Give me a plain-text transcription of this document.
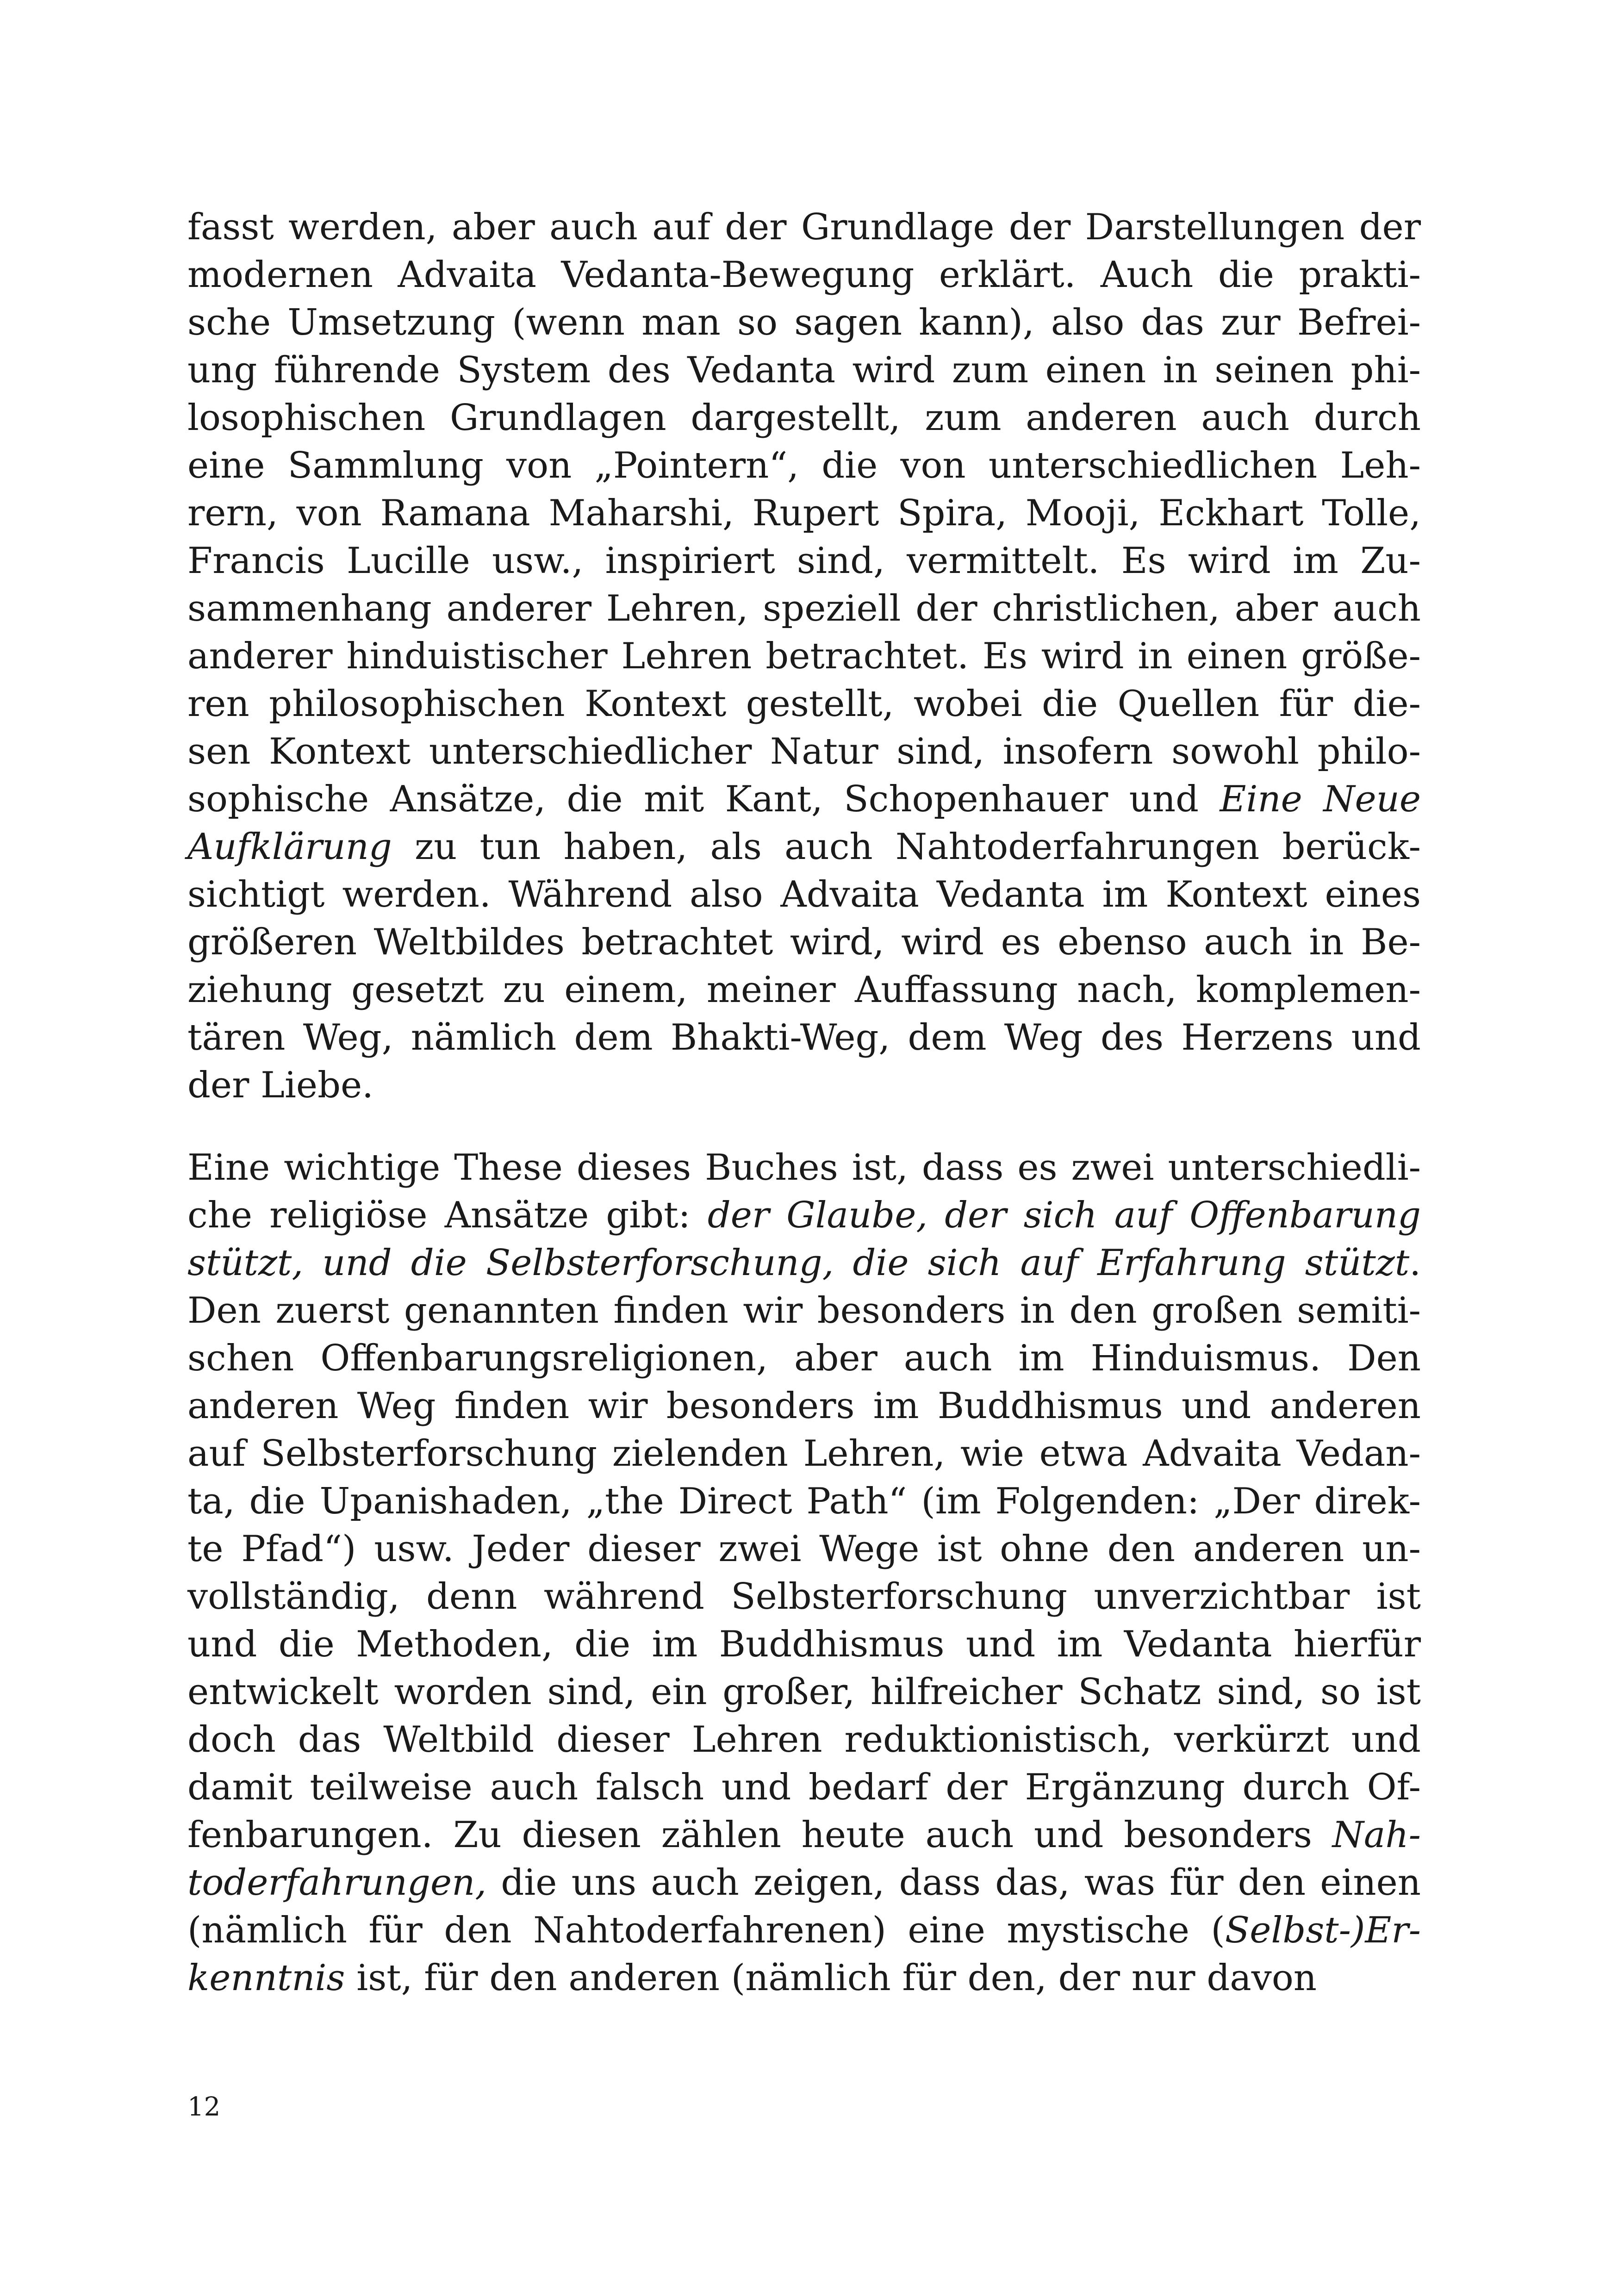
fasst werden, aber auch auf der Grundlage der Darstellungen der
modernen Advaita Vedanta-Bewegung erklärt. Auch die prakti-
sche Umsetzung (wenn man so sagen kann), also das zur Befrei-
ung führende System des Vedanta wird zum einen in seinen phi-
losophischen Grundlagen dargestellt, zum anderen auch durch
eine Sammlung von „Pointern“, die von unterschiedlichen Leh-
rern, von Ramana Maharshi, Rupert Spira, Mooji, Eckhart Tolle,
Francis Lucille usw., inspiriert sind, vermittelt. Es wird im Zu-
sammenhang anderer Lehren, speziell der christlichen, aber auch
anderer hinduistischer Lehren betrachtet. Es wird in einen größe-
ren philosophischen Kontext gestellt, wobei die Quellen für die-
sen Kontext unterschiedlicher Natur sind, insofern sowohl philo-
sophische Ansätze, die mit Kant, Schopenhauer und Eine Neue
Aufklärung zu tun haben, als auch Nahtoderfahrungen berück-
sichtigt werden. Während also Advaita Vedanta im Kontext eines
größeren Weltbildes betrachtet wird, wird es ebenso auch in Be-
ziehung gesetzt zu einem, meiner Auffassung nach, komplemen-
tären Weg, nämlich dem Bhakti-Weg, dem Weg des Herzens und
der Liebe.
Eine wichtige These dieses Buches ist, dass es zwei unterschiedli-
che religiöse Ansätze gibt: der Glaube, der sich auf Offenbarung
stützt, und die Selbsterforschung, die sich auf Erfahrung stützt.
Den zuerst genannten finden wir besonders in den großen semiti-
schen Offenbarungsreligionen, aber auch im Hinduismus. Den
anderen Weg finden wir besonders im Buddhismus und anderen
auf Selbsterforschung zielenden Lehren, wie etwa Advaita Vedan-
ta, die Upanishaden, „the Direct Path“ (im Folgenden: „Der direk-
te Pfad“) usw. Jeder dieser zwei Wege ist ohne den anderen un-
vollständig, denn während Selbsterforschung unverzichtbar ist
und die Methoden, die im Buddhismus und im Vedanta hierfür
entwickelt worden sind, ein großer, hilfreicher Schatz sind, so ist
doch das Weltbild dieser Lehren reduktionistisch, verkürzt und
damit teilweise auch falsch und bedarf der Ergänzung durch Of-
fenbarungen. Zu diesen zählen heute auch und besonders Nah-
toderfahrungen, die uns auch zeigen, dass das, was für den einen
(nämlich für den Nahtoderfahrenen) eine mystische (Selbst-)Er-
kenntnis ist, für den anderen (nämlich für den, der nur davon
12
